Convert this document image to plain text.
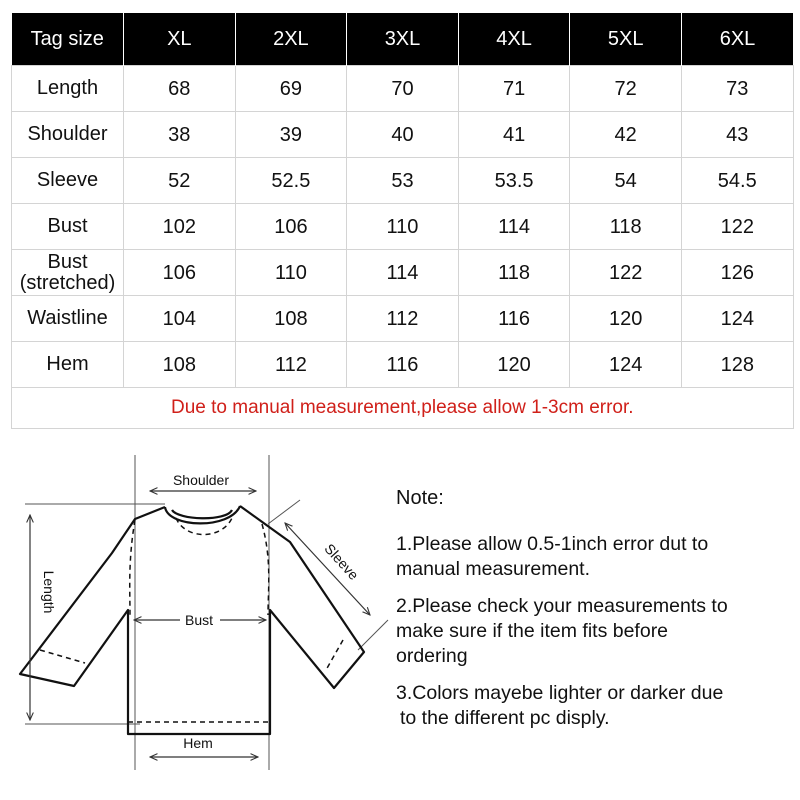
Tag size	XL	2XL	3XL	4XL	5XL	6XL

Length	68	69	70	71	72	73

Shoulder	38	39	40	41	42	43

Sleeve	52	52.5	53	53.5	54	54.5

Bust	102	106	110	114	118	122

Bust
(stretched)	106	110	114	118	122	126

Waistline	104	108	112	116	120	124

Hem	108	112	116	120	124	128
Due to manual measurement,please allow 1-3cm error.						
Shoulder
Length
Sleeve
Bust
Hem
Note:
1.Please allow 0.5-1inch error dut to
manual measurement.
2.Please check your measurements to
make sure if the item fits before
ordering
3.Colors mayebe lighter or darker due
to the different pc disply.
